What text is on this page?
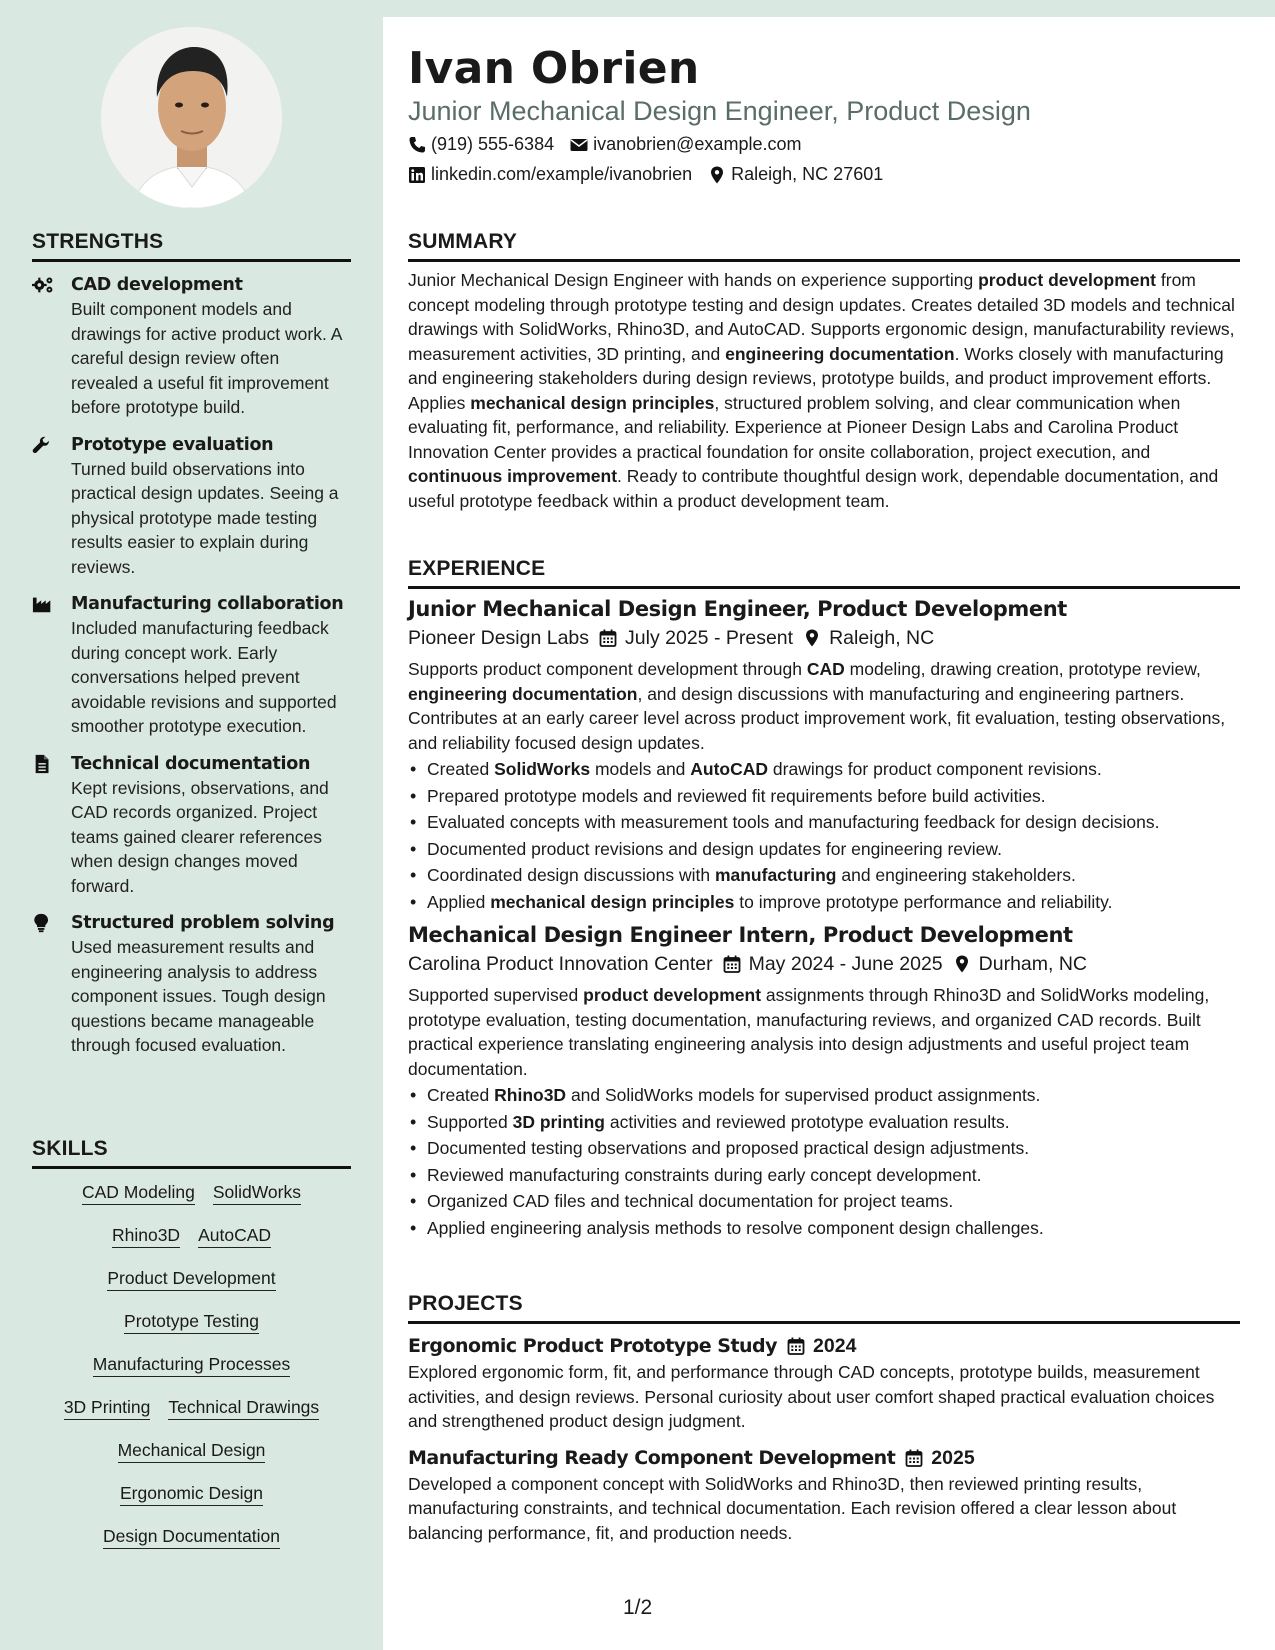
STRENGTHS
CAD development
Built component models and drawings for active product work. A careful design review often revealed a useful fit improvement before prototype build.
Prototype evaluation
Turned build observations into practical design updates. Seeing a physical prototype made testing results easier to explain during reviews.
Manufacturing collaboration
Included manufacturing feedback during concept work. Early conversations helped prevent avoidable revisions and supported smoother prototype execution.
Technical documentation
Kept revisions, observations, and CAD records organized. Project teams gained clearer references when design changes moved forward.
Structured problem solving
Used measurement results and engineering analysis to address component issues. Tough design questions became manageable through focused evaluation.
SKILLS
CAD Modeling SolidWorks
Rhino3D AutoCAD
Product Development
Prototype Testing
Manufacturing Processes
3D Printing Technical Drawings
Mechanical Design
Ergonomic Design
Design Documentation
Ivan Obrien
Junior Mechanical Design Engineer, Product Design
(919) 555-6384 ivanobrien@example.com
linkedin.com/example/ivanobrien Raleigh, NC 27601
SUMMARY

Junior Mechanical Design Engineer with hands on experience supporting product development from concept modeling through prototype testing and design updates. Creates detailed 3D models and technical drawings with SolidWorks, Rhino3D, and AutoCAD. Supports ergonomic design, manufacturability reviews, measurement activities, 3D printing, and engineering documentation. Works closely with manufacturing and engineering stakeholders during design reviews, prototype builds, and product improvement efforts. Applies mechanical design principles, structured problem solving, and clear communication when evaluating fit, performance, and reliability. Experience at Pioneer Design Labs and Carolina Product Innovation Center provides a practical foundation for onsite collaboration, project execution, and continuous improvement. Ready to contribute thoughtful design work, dependable documentation, and useful prototype feedback within a product development team.

EXPERIENCE
Junior Mechanical Design Engineer, Product Development
Pioneer Design Labs July 2025 - Present Raleigh, NC

Supports product component development through CAD modeling, drawing creation, prototype review, engineering documentation, and design discussions with manufacturing and engineering partners. Contributes at an early career level across product improvement work, fit evaluation, testing observations, and reliability focused design updates.

• Created SolidWorks models and AutoCAD drawings for product component revisions.
• Prepared prototype models and reviewed fit requirements before build activities.
• Evaluated concepts with measurement tools and manufacturing feedback for design decisions.
• Documented product revisions and design updates for engineering review.
• Coordinated design discussions with manufacturing and engineering stakeholders.
• Applied mechanical design principles to improve prototype performance and reliability.
Mechanical Design Engineer Intern, Product Development
Carolina Product Innovation Center May 2024 - June 2025 Durham, NC

Supported supervised product development assignments through Rhino3D and SolidWorks modeling, prototype evaluation, testing documentation, manufacturing reviews, and organized CAD records. Built practical experience translating engineering analysis into design adjustments and useful project team documentation.

• Created Rhino3D and SolidWorks models for supervised product assignments.
• Supported 3D printing activities and reviewed prototype evaluation results.
• Documented testing observations and proposed practical design adjustments.
• Reviewed manufacturing constraints during early concept development.
• Organized CAD files and technical documentation for project teams.
• Applied engineering analysis methods to resolve component design challenges.
PROJECTS
Ergonomic Product Prototype Study 2024

Explored ergonomic form, fit, and performance through CAD concepts, prototype builds, measurement activities, and design reviews. Personal curiosity about user comfort shaped practical evaluation choices and strengthened product design judgment.

Manufacturing Ready Component Development 2025

Developed a component concept with SolidWorks and Rhino3D, then reviewed printing results, manufacturing constraints, and technical documentation. Each revision offered a clear lesson about balancing performance, fit, and production needs.

1/2
